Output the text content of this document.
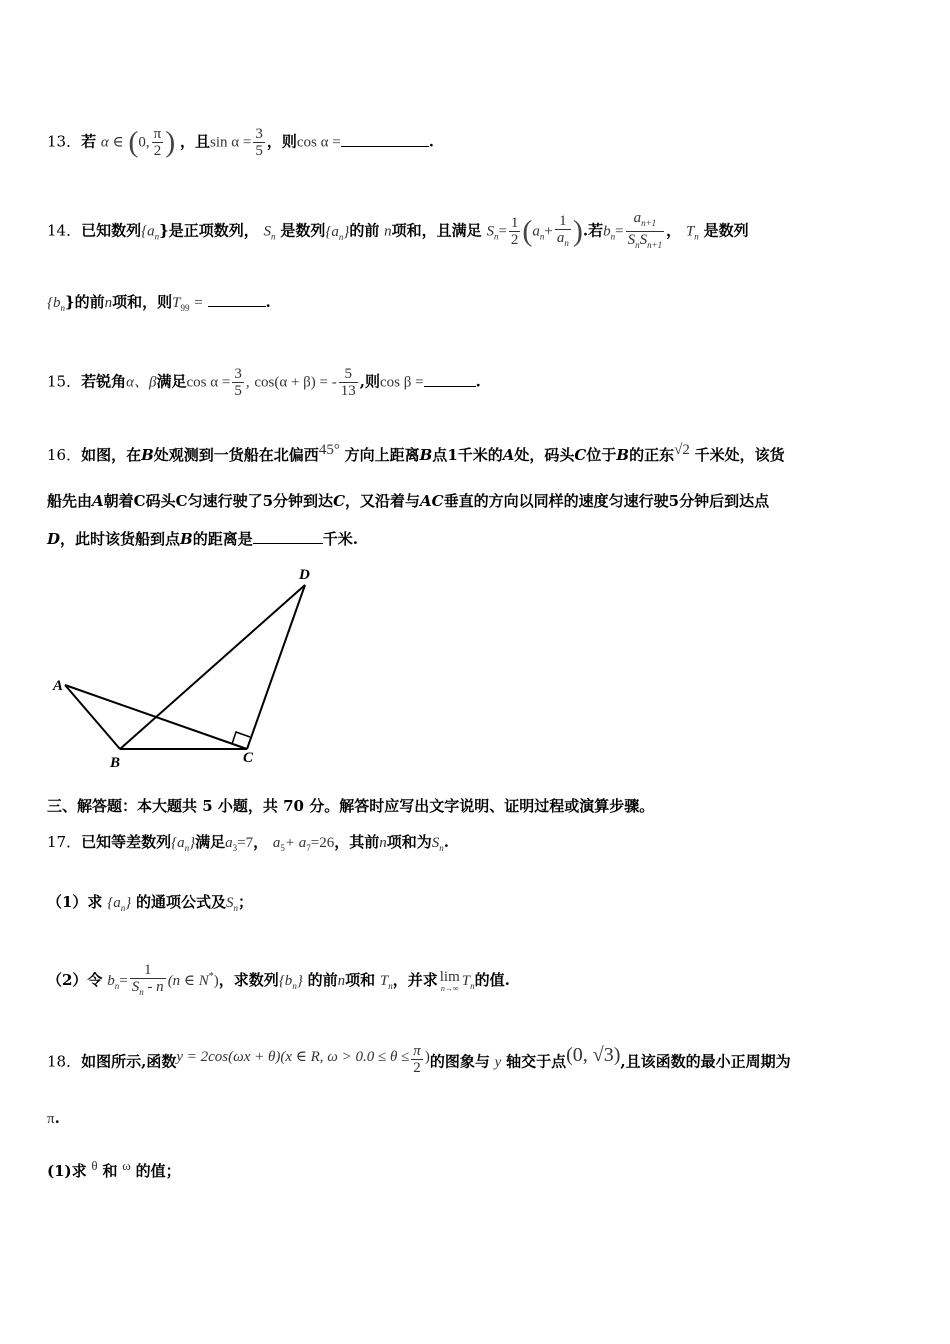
13．若 α ∈ (0, $\frac{\pi}{2}$ ) ，且$\sin \alpha = \frac{3}{5}$ ，则cos α =	.
14．已知数列$\{a_n\}$是正项数列， $S_n$ 是数列$\{a_n\}$的前 n项和，且满足 $S_n= \frac{1}{2} (a_n+ \frac{1}{a_n}$ ).若$b_n= \frac{a_{n+1}}{S_nS_{n+1}}$ ， $T_n$ 是数列
$\{b_n\}$的前n项和，则$T_{99}$ =	.
15．若锐角α、β满足$\cos \alpha = \frac{3}{5}$ , cos(α + β) = - $\frac{5}{13}$ ,则cos β =	.
16．如图，在B处观测到一货船在北偏西$^{45^\circ}$ 方向上距离B点1千米的A处，码头C位于B的正东$^{√2}$ 千米处，该货
船先由A朝着C码头C匀速行驶了5分钟到达C，又沿着与AC垂直的方向以同样的速度匀速行驶5分钟后到达点
D，此时该货船到点B的距离是	千米.
A
B	C
D
三、解答题：本大题共 5 小题，共 70 分。解答时应写出文字说明、证明过程或演算步骤。
17．已知等差数列$\{a_n\}$满足$a_3=7$， $a_5+ a_7=26$，其前n项和为$S_n$.
（1）求 $\{a_n\}$ 的通项公式及$S_n$；
（2）令 $b_n= \frac{1}{S_n - n} (n$ ∈ N*)，求数列$\{b_n\}$ 的前n项和 $T_n$，并求 lim
n→∞ $T_n$的值.
18．如图所示,函数y = 2cos(ωx + θ)(x ∈ R, $\omega > 0.0 \le \theta \le \frac{\pi}{2}$ )的图象与 y 轴交于点(0, √3),且该函数的最小正周期为
π.
(1)求 $^\theta$ 和 $^\omega$ 的值；
